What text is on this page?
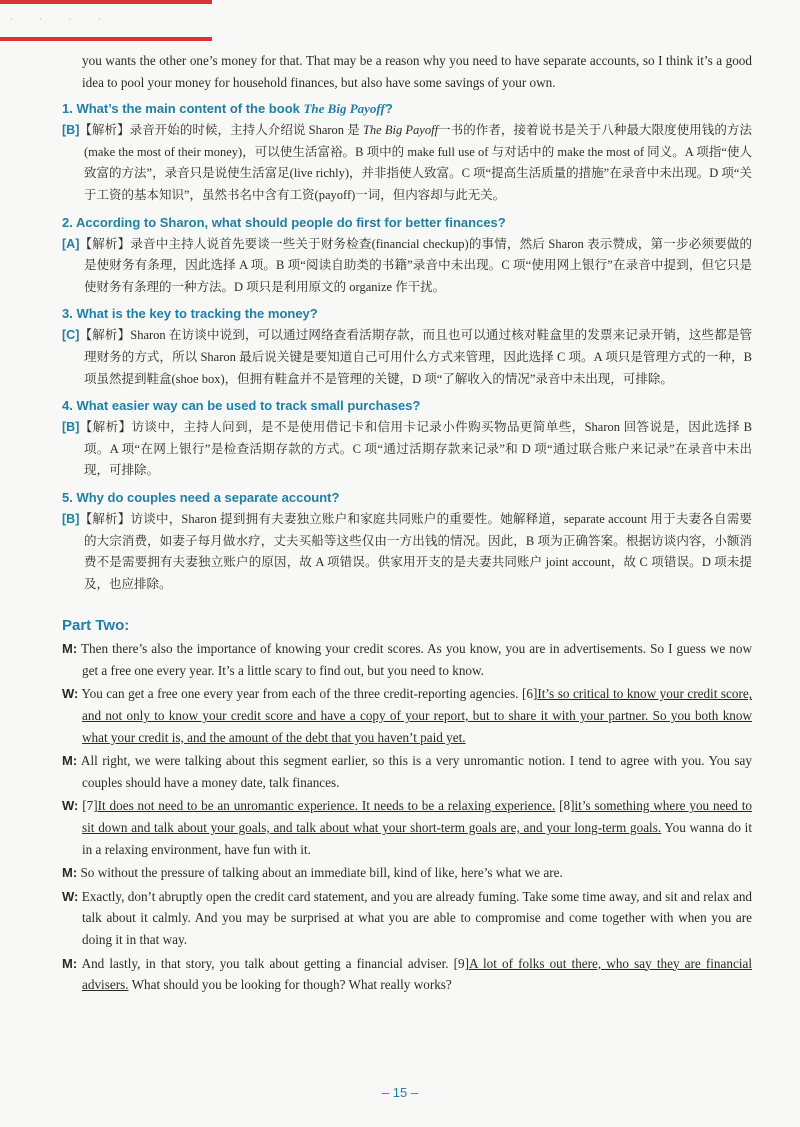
· · · ·

you wants the other one’s money for that. That may be a reason why you need to have separate accounts, so I think it’s a good idea to pool your money for household finances, but also have some savings of your own.

1. What’s the main content of the book The Big Payoff?

[B]【解析】录音开始的时候，主持人介绍说 Sharon 是 The Big Payoff一书的作者，接着说书是关于八种最大限度使用钱的方法(make the most of their money)，可以使生活富裕。B 项中的 make full use of 与对话中的 make the most of 同义。A 项指“使人致富的方法”，录音只是说使生活富足(live richly)，并非指使人致富。C 项“提高生活质量的措施”在录音中未出现。D 项“关于工资的基本知识”，虽然书名中含有工资(payoff)一词，但内容却与此无关。

2. According to Sharon, what should people do first for better finances?

[A]【解析】录音中主持人说首先要谈一些关于财务检查(financial checkup)的事情，然后 Sharon 表示赞成，第一步必须要做的是使财务有条理，因此选择 A 项。B 项“阅读自助类的书籍”录音中未出现。C 项“使用网上银行”在录音中提到，但它只是使财务有条理的一种方法。D 项只是利用原文的 organize 作干扰。

3. What is the key to tracking the money?

[C]【解析】Sharon 在访谈中说到，可以通过网络查看活期存款，而且也可以通过核对鞋盒里的发票来记录开销，这些都是管理财务的方式，所以 Sharon 最后说关键是要知道自己可用什么方式来管理，因此选择 C 项。A 项只是管理方式的一种，B 项虽然提到鞋盒(shoe box)，但拥有鞋盒并不是管理的关键，D 项“了解收入的情况”录音中未出现，可排除。

4. What easier way can be used to track small purchases?

[B]【解析】访谈中，主持人问到，是不是使用借记卡和信用卡记录小件购买物品更简单些，Sharon 回答说是，因此选择 B 项。A 项“在网上银行”是检查活期存款的方式。C 项“通过活期存款来记录”和 D 项“通过联合账户来记录”在录音中未出现，可排除。

5. Why do couples need a separate account?

[B]【解析】访谈中，Sharon 提到拥有夫妻独立账户和家庭共同账户的重要性。她解释道，separate account 用于夫妻各自需要的大宗消费，如妻子每月做水疗，丈夫买船等这些仅由一方出钱的情况。因此，B 项为正确答案。根据访谈内容，小额消费不是需要拥有夫妻独立账户的原因，故 A 项错误。供家用开支的是夫妻共同账户 joint account，故 C 项错误。D 项未提及，也应排除。

Part Two:

M: Then there’s also the importance of knowing your credit scores. As you know, you are in advertisements. So I guess we now get a free one every year. It’s a little scary to find out, but you need to know.

W: You can get a free one every year from each of the three credit-reporting agencies. [6]It’s so critical to know your credit score, and not only to know your credit score and have a copy of your report, but to share it with your partner. So you both know what your credit is, and the amount of the debt that you haven’t paid yet.

M: All right, we were talking about this segment earlier, so this is a very unromantic notion. I tend to agree with you. You say couples should have a money date, talk finances.

W: [7]It does not need to be an unromantic experience. It needs to be a relaxing experience. [8]it’s something where you need to sit down and talk about your goals, and talk about what your short-term goals are, and your long-term goals. You wanna do it in a relaxing environment, have fun with it.

M: So without the pressure of talking about an immediate bill, kind of like, here’s what we are.

W: Exactly, don’t abruptly open the credit card statement, and you are already fuming. Take some time away, and sit and relax and talk about it calmly. And you may be surprised at what you are able to compromise and come together with when you are doing it in that way.

M: And lastly, in that story, you talk about getting a financial adviser. [9]A lot of folks out there, who say they are financial advisers. What should you be looking for though? What really works?

– 15 –
